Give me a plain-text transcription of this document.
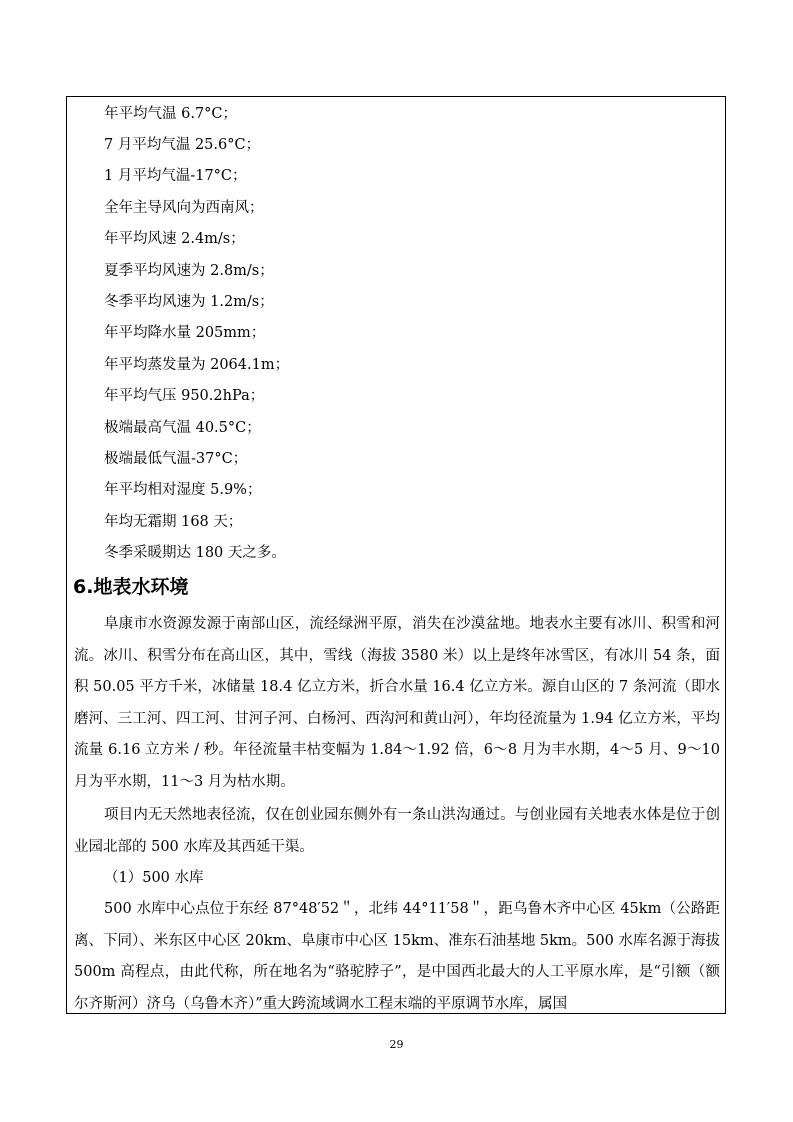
年平均气温 6.7°C；
7 月平均气温 25.6°C；
1 月平均气温-17°C；
全年主导风向为西南风；
年平均风速 2.4m/s；
夏季平均风速为 2.8m/s；
冬季平均风速为 1.2m/s；
年平均降水量 205mm；
年平均蒸发量为 2064.1m；
年平均气压 950.2hPa；
极端最高气温 40.5°C；
极端最低气温-37°C；
年平均相对湿度 5.9%；
年均无霜期 168 天；
冬季采暖期达 180 天之多。
6.地表水环境
阜康市水资源发源于南部山区，流经绿洲平原，消失在沙漠盆地。地表水主要有冰川、积雪和河流。冰川、积雪分布在高山区，其中，雪线（海拔 3580 米）以上是终年冰雪区，有冰川 54 条，面积 50.05 平方千米，冰储量 18.4 亿立方米，折合水量 16.4 亿立方米。源自山区的 7 条河流（即水磨河、三工河、四工河、甘河子河、白杨河、西沟河和黄山河），年均径流量为 1.94 亿立方米，平均流量 6.16 立方米 / 秒。年径流量丰枯变幅为 1.84～1.92 倍，6～8 月为丰水期，4～5 月、9～10 月为平水期，11～3 月为枯水期。
项目内无天然地表径流，仅在创业园东侧外有一条山洪沟通过。与创业园有关地表水体是位于创业园北部的 500 水库及其西延干渠。
（1）500 水库
500 水库中心点位于东经 87°48′52＂，北纬 44°11′58＂，距乌鲁木齐中心区 45km（公路距离、下同）、米东区中心区 20km、阜康市中心区 15km、准东石油基地 5km。500 水库名源于海拔 500m 高程点，由此代称，所在地名为“骆驼脖子”，是中国西北最大的人工平原水库，是“引额（额尔齐斯河）济乌（乌鲁木齐）”重大跨流域调水工程末端的平原调节水库，属国
29
